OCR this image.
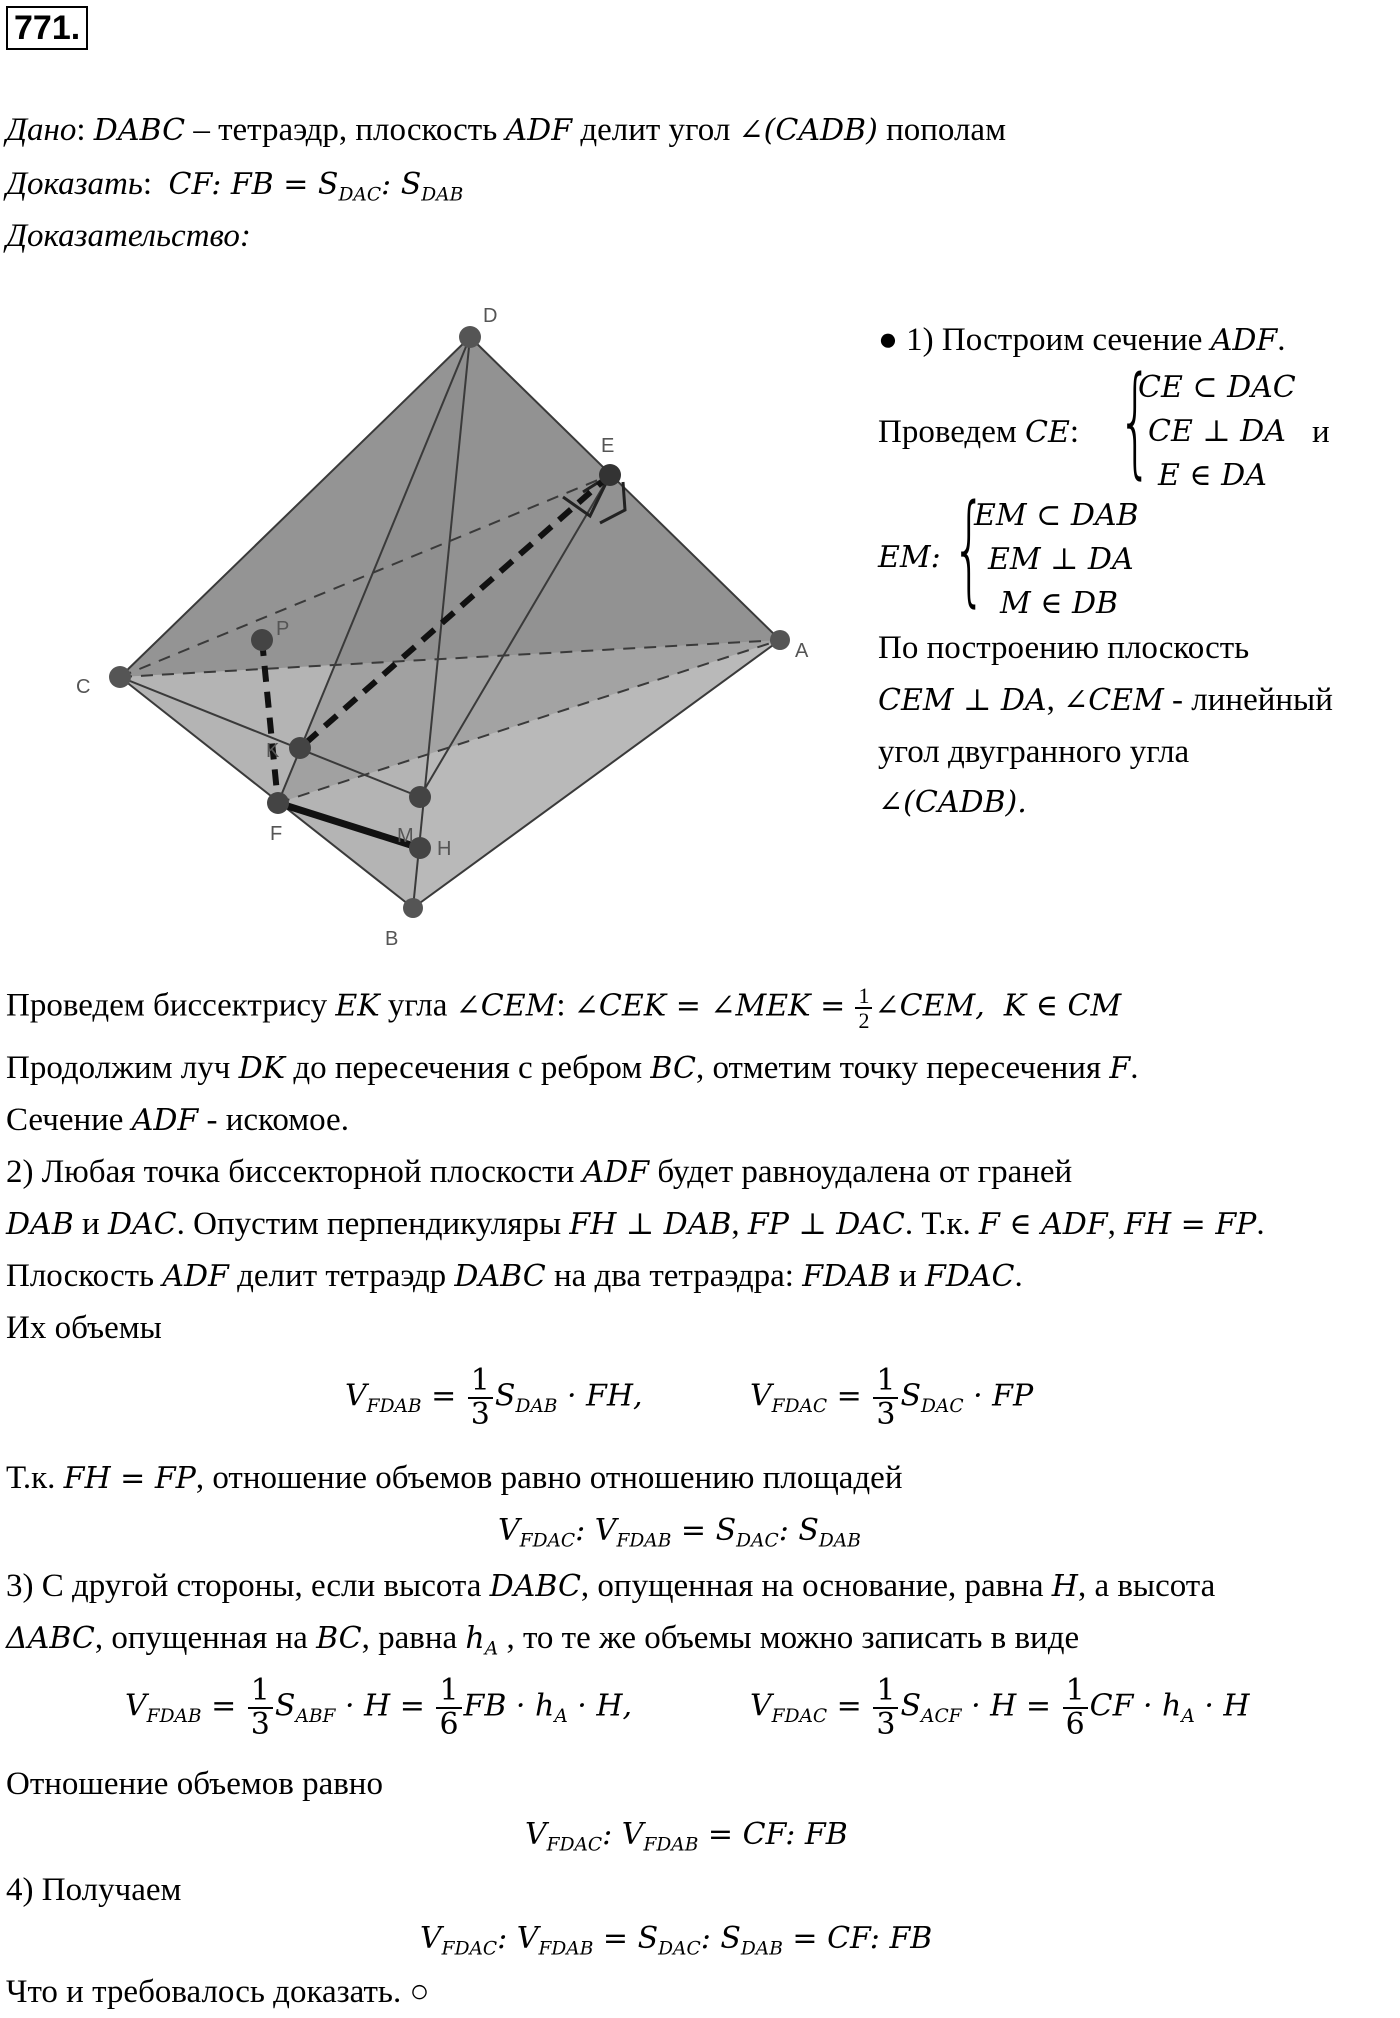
771.
Дано: DABC – тетраэдр, плоскость ADF делит угол ∠(CADB) пополам
Доказать:  CF: FB = $S_{DAC}$: $S_{DAB}$
Доказательство:
D
E
A
C
P
K
M
F
H
B
● 1) Построим сечение ADF.
Проведем CE: {
CE ⊂ DAC
CE ⊥ DA
E ∈ DA
и
EM: {
EM ⊂ DAB
EM ⊥ DA
M ∈ DB
По построению плоскость
CEM ⊥ DA, ∠CEM - линейный
угол двугранного угла
∠(CADB).
Проведем биссектрису EK угла ∠CEM: ∠CEK = ∠MEK = $\frac{1}{2}$ ∠CEM,  K ∈ CM
Продолжим луч DK до пересечения с ребром BC, отметим точку пересечения F.
Сечение ADF - искомое.
2) Любая точка биссекторной плоскости ADF будет равноудалена от граней
DAB и DAC. Опустим перпендикуляры FH ⊥ DAB, FP ⊥ DAC. Т.к. F ∈ ADF, FH = FP.
Плоскость ADF делит тетраэдр DABC на два тетраэдра: FDAB и FDAC.
Их объемы
$V_{FDAB} = \frac{1}{3} S_{DAB}$ · FH,	$V_{FDAC} = \frac{1}{3} S_{DAC}$ · FP
Т.к. FH = FP, отношение объемов равно отношению площадей
$V_{FDAC}$: $V_{FDAB} = S_{DAC}$: $S_{DAB}$
3) С другой стороны, если высота DABC, опущенная на основание, равна H, а высота
ΔABC, опущенная на BC, равна $h_A$ , то те же объемы можно записать в виде
$V_{FDAB} = \frac{1}{3} S_{ABF} \cdot H = \frac{1}{6}$ FB · $h_A \cdot H$,	$V_{FDAC} = \frac{1}{3} S_{ACF} \cdot H = \frac{1}{6}$ CF · $h_A \cdot H$
Отношение объемов равно
$V_{FDAC}$: $V_{FDAB}$ = CF: FB
4) Получаем
$V_{FDAC}$: $V_{FDAB} = S_{DAC}$: $S_{DAB}$ = CF: FB
Что и требовалось доказать. ○
